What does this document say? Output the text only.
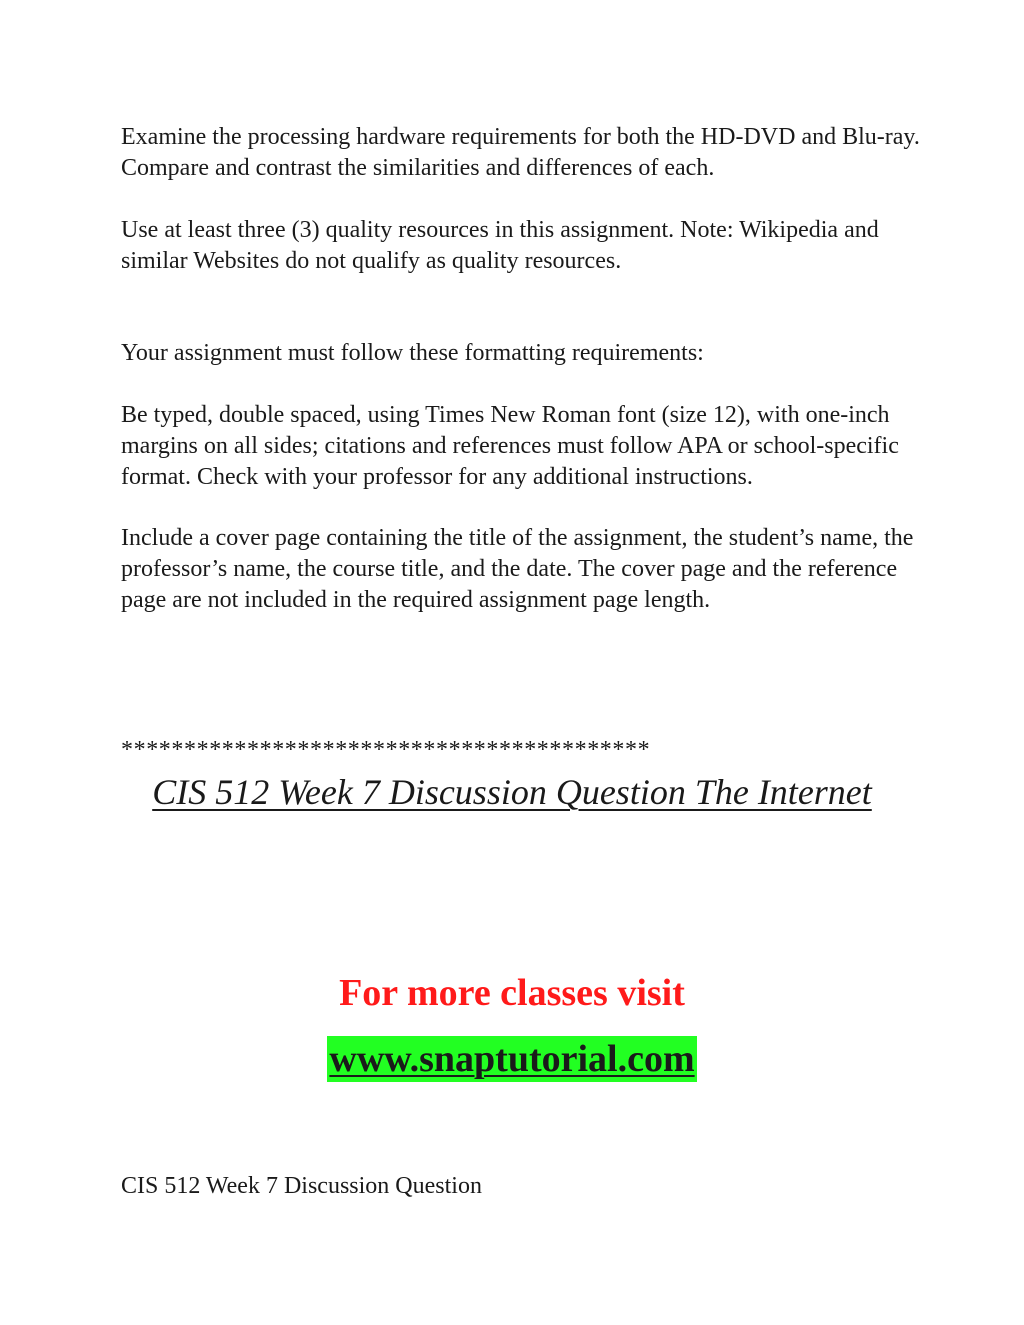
Examine the processing hardware requirements for both the HD-DVD and Blu-ray. Compare and contrast the similarities and differences of each.

Use at least three (3) quality resources in this assignment. Note: Wikipedia and similar Websites do not qualify as quality resources.

Your assignment must follow these formatting requirements:

Be typed, double spaced, using Times New Roman font (size 12), with one-inch margins on all sides; citations and references must follow APA or school-specific format. Check with your professor for any additional instructions.

Include a cover page containing the title of the assignment, the student’s name, the professor’s name, the course title, and the date. The cover page and the reference page are not included in the required assignment page length.

******************************************

CIS 512 Week 7 Discussion Question The Internet

For more classes visit

www.snaptutorial.com

CIS 512 Week 7 Discussion Question
